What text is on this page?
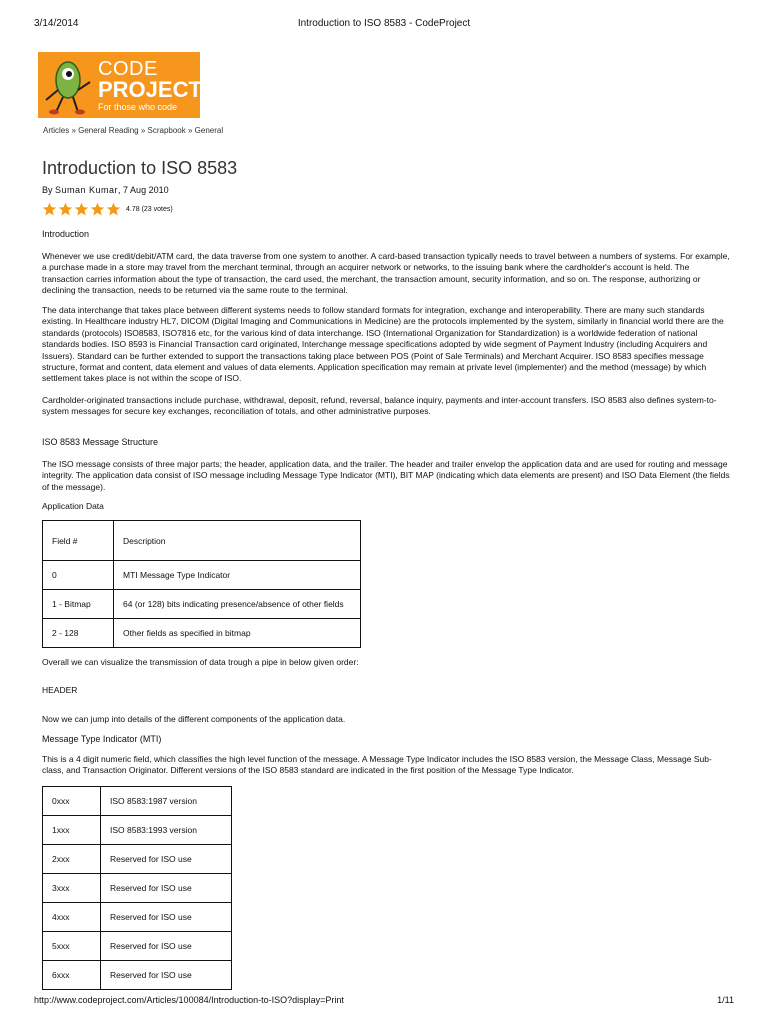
3/14/2014	Introduction to ISO 8583 - CodeProject
CODE
PROJECT®
For those who code
Articles » General Reading » Scrapbook » General
Introduction to ISO 8583
By Suman Kumar, 7 Aug 2010
4.78 (23 votes)
Introduction

Whenever we use credit/debit/ATM card, the data traverse from one system to another. A card-based transaction typically needs to travel between a numbers of systems. For example, a purchase made in a store may travel from the merchant terminal, through an acquirer network or networks, to the issuing bank where the cardholder's account is held. The transaction carries information about the type of transaction, the card used, the merchant, the transaction amount, security information, and so on. The response, authorizing or declining the transaction, needs to be returned via the same route to the terminal.

The data interchange that takes place between different systems needs to follow standard formats for integration, exchange and interoperability. There are many such standards existing. In Healthcare industry HL7, DICOM (Digital Imaging and Communications in Medicine) are the protocols implemented by the system, similarly in financial world there are the standards (protocols) ISO8583, ISO7816 etc, for the various kind of data interchange. ISO (International Organization for Standardization) is a worldwide federation of national standards bodies. ISO 8593 is Financial Transaction card originated, Interchange message specifications adopted by wide segment of Payment Industry (including Acquirers and Issuers). Standard can be further extended to support the transactions taking place between POS (Point of Sale Terminals) and Merchant Acquirer. ISO 8583 specifies message structure, format and content, data element and values of data elements. Application specification may remain at private level (implementer) and the method (message) by which settlement takes place is not within the scope of ISO.

Cardholder-originated transactions include purchase, withdrawal, deposit, refund, reversal, balance inquiry, payments and inter-account transfers. ISO 8583 also defines system-to-system messages for secure key exchanges, reconciliation of totals, and other administrative purposes.

ISO 8583 Message Structure

The ISO message consists of three major parts; the header, application data, and the trailer. The header and trailer envelop the application data and are used for routing and message integrity. The application data consist of ISO message including Message Type Indicator (MTI), BIT MAP (indicating which data elements are present) and ISO Data Element (the fields of the message).

Application Data
Field #	Description
0	MTI Message Type Indicator
1 - Bitmap	64 (or 128) bits indicating presence/absence of other fields
2 - 128	Other fields as specified in bitmap

Overall we can visualize the transmission of data trough a pipe in below given order:

HEADER

Now we can jump into details of the different components of the application data.

Message Type Indicator (MTI)

This is a 4 digit numeric field, which classifies the high level function of the message. A Message Type Indicator includes the ISO 8583 version, the Message Class, Message Sub-class, and Transaction Originator. Different versions of the ISO 8583 standard are indicated in the first position of the Message Type Indicator.

0xxx	ISO 8583:1987 version
1xxx	ISO 8583:1993 version
2xxx	Reserved for ISO use
3xxx	Reserved for ISO use
4xxx	Reserved for ISO use
5xxx	Reserved for ISO use
6xxx	Reserved for ISO use
http://www.codeproject.com/Articles/100084/Introduction-to-ISO?display=Print	1/11
